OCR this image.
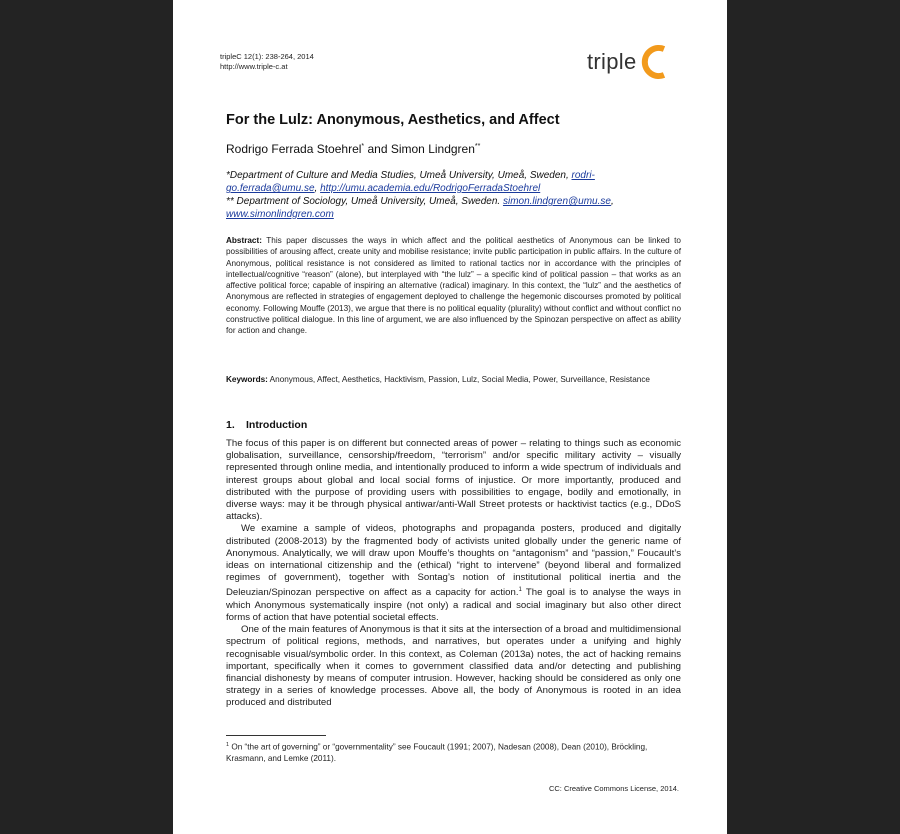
tripleC 12(1): 238-264, 2014
http://www.triple-c.at	triple
For the Lulz: Anonymous, Aesthetics, and Affect
Rodrigo Ferrada Stoehrel* and Simon Lindgren**
*Department of Culture and Media Studies, Umeå University, Umeå, Sweden, rodri-
go.ferrada@umu.se, http://umu.academia.edu/RodrigoFerradaStoehrel
** Department of Sociology, Umeå University, Umeå, Sweden. simon.lindgren@umu.se,
www.simonlindgren.com
Abstract: This paper discusses the ways in which affect and the political aesthetics of Anonymous can be linked to possibilities of arousing affect, create unity and mobilise resistance; invite public participation in public affairs. In the culture of Anonymous, political resistance is not considered as limited to rational tactics nor in accordance with the principles of intellectual/cognitive “reason” (alone), but interplayed with “the lulz” – a specific kind of political passion – that works as an affective political force; capable of inspiring an alternative (radical) imaginary. In this context, the “lulz” and the aesthetics of Anonymous are reflected in strategies of engagement deployed to challenge the hegemonic discourses promoted by political economy. Following Mouffe (2013), we argue that there is no political equality (plurality) without conflict and without conflict no constructive political dialogue. In this line of argument, we are also influenced by the Spinozan perspective on affect as ability for action and change.
Keywords: Anonymous, Affect, Aesthetics, Hacktivism, Passion, Lulz, Social Media, Power, Surveillance, Resistance
1. Introduction

The focus of this paper is on different but connected areas of power – relating to things such as economic globalisation, surveillance, censorship/freedom, “terrorism” and/or specific military activity – visually represented through online media, and intentionally produced to inform a wide spectrum of individuals and interest groups about global and local social forms of injustice. Or more importantly, produced and distributed with the purpose of providing users with possibilities to engage, bodily and emotionally, in diverse ways: may it be through physical antiwar/anti-Wall Street protests or hacktivist tactics (e.g., DDoS attacks).

We examine a sample of videos, photographs and propaganda posters, produced and digitally distributed (2008-2013) by the fragmented body of activists united globally under the generic name of Anonymous. Analytically, we will draw upon Mouffe’s thoughts on “antagonism” and “passion,” Foucault’s ideas on international citizenship and the (ethical) “right to intervene” (beyond liberal and formalized regimes of government), together with Sontag’s notion of institutional political inertia and the Deleuzian/Spinozan perspective on affect as a capacity for action.$^1$ The goal is to analyse the ways in which Anonymous systematically inspire (not only) a radical and social imaginary but also other direct forms of action that have potential societal effects.

One of the main features of Anonymous is that it sits at the intersection of a broad and multidimensional spectrum of political regions, methods, and narratives, but operates under a unifying and highly recognisable visual/symbolic order. In this context, as Coleman (2013a) notes, the act of hacking remains important, specifically when it comes to government classified data and/or detecting and publishing financial dishonesty by means of computer intrusion. However, hacking should be considered as only one strategy in a series of knowledge processes. Above all, the body of Anonymous is rooted in an idea produced and distributed

$^1$ On “the art of governing” or “governmentality” see Foucault (1991; 2007), Nadesan (2008), Dean (2010), Bröckling, Krasmann, and Lemke (2011).
CC: Creative Commons License, 2014.
